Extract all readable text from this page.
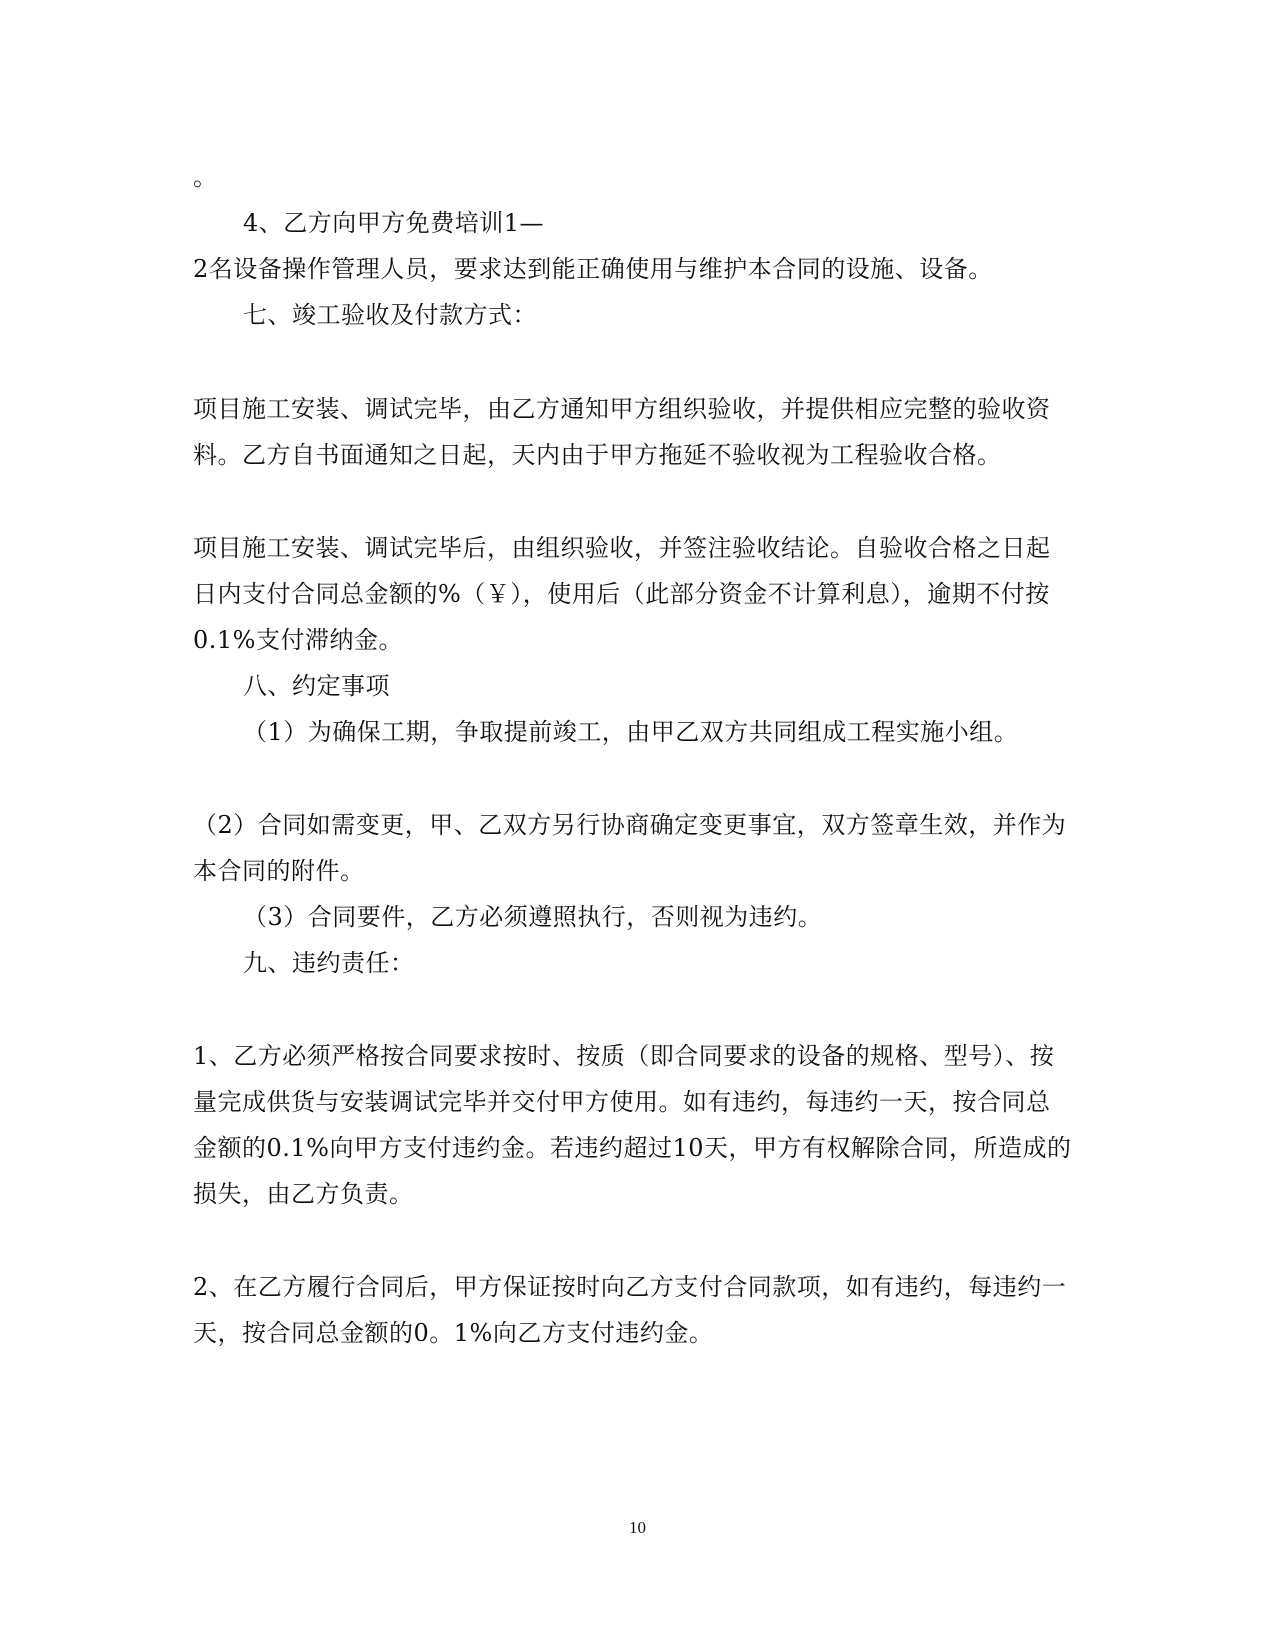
。
4、乙方向甲方免费培训1—
2名设备操作管理人员，要求达到能正确使用与维护本合同的设施、设备。
七、竣工验收及付款方式：
项目施工安装、调试完毕，由乙方通知甲方组织验收，并提供相应完整的验收资
料。乙方自书面通知之日起，天内由于甲方拖延不验收视为工程验收合格。
项目施工安装、调试完毕后，由组织验收，并签注验收结论。自验收合格之日起
日内支付合同总金额的%（￥），使用后（此部分资金不计算利息），逾期不付按
0.1%支付滞纳金。
八、约定事项
（1）为确保工期，争取提前竣工，由甲乙双方共同组成工程实施小组。
（2）合同如需变更，甲、乙双方另行协商确定变更事宜，双方签章生效，并作为
本合同的附件。
（3）合同要件，乙方必须遵照执行，否则视为违约。
九、违约责任：
1、乙方必须严格按合同要求按时、按质（即合同要求的设备的规格、型号）、按
量完成供货与安装调试完毕并交付甲方使用。如有违约，每违约一天，按合同总
金额的0.1%向甲方支付违约金。若违约超过10天，甲方有权解除合同，所造成的
损失，由乙方负责。
2、在乙方履行合同后，甲方保证按时向乙方支付合同款项，如有违约，每违约一
天，按合同总金额的0。1%向乙方支付违约金。
10
